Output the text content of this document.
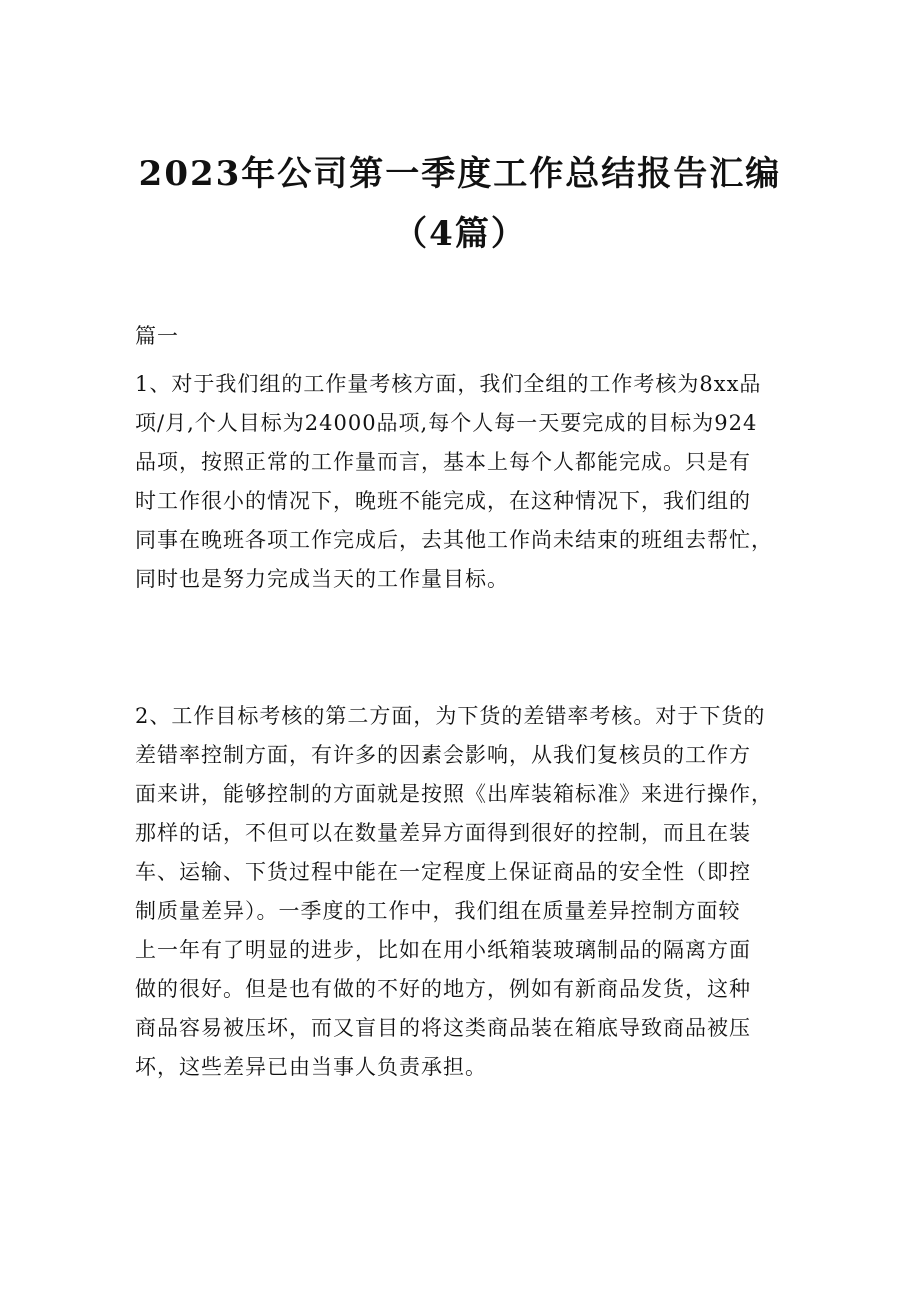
2023年公司第一季度工作总结报告汇编
（4篇）
篇一
1、对于我们组的工作量考核方面，我们全组的工作考核为8xx品
项/月,个人目标为24000品项,每个人每一天要完成的目标为924
品项，按照正常的工作量而言，基本上每个人都能完成。只是有
时工作很小的情况下，晚班不能完成，在这种情况下，我们组的
同事在晚班各项工作完成后，去其他工作尚未结束的班组去帮忙，
同时也是努力完成当天的工作量目标。
2、工作目标考核的第二方面，为下货的差错率考核。对于下货的
差错率控制方面，有许多的因素会影响，从我们复核员的工作方
面来讲，能够控制的方面就是按照《出库装箱标准》来进行操作，
那样的话，不但可以在数量差异方面得到很好的控制，而且在装
车、运输、下货过程中能在一定程度上保证商品的安全性（即控
制质量差异）。一季度的工作中，我们组在质量差异控制方面较
上一年有了明显的进步，比如在用小纸箱装玻璃制品的隔离方面
做的很好。但是也有做的不好的地方，例如有新商品发货，这种
商品容易被压坏，而又盲目的将这类商品装在箱底导致商品被压
坏，这些差异已由当事人负责承担。
